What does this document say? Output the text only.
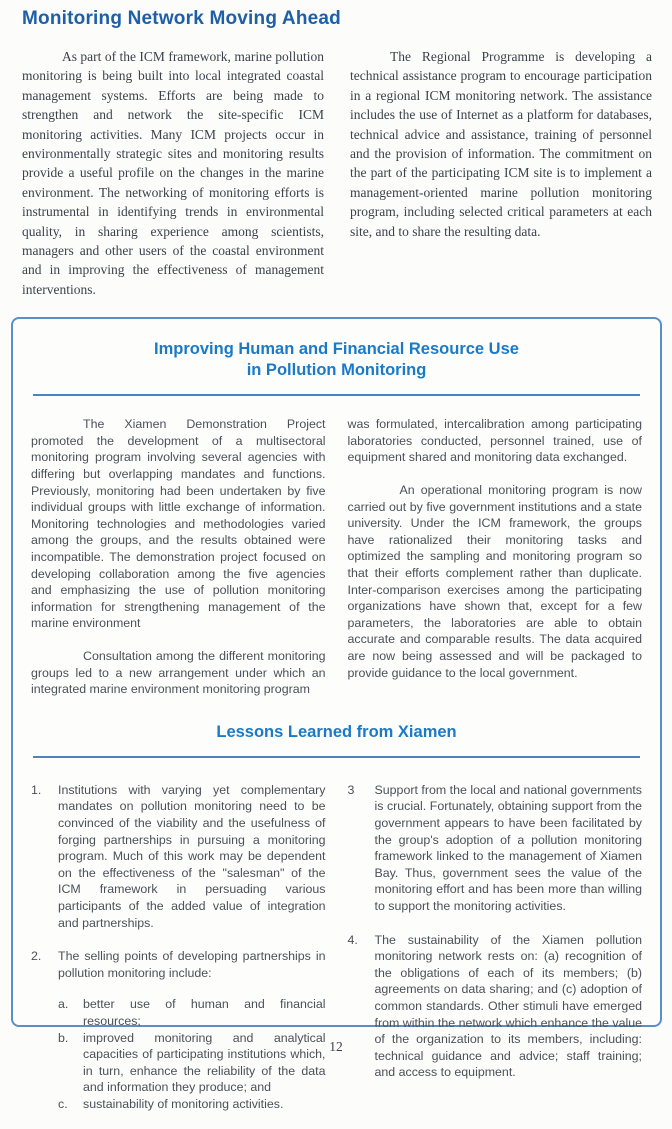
Monitoring Network Moving Ahead

As part of the ICM framework, marine pollution monitoring is being built into local integrated coastal management systems. Efforts are being made to strengthen and network the site-specific ICM monitoring activities. Many ICM projects occur in environmentally strategic sites and monitoring results provide a useful profile on the changes in the marine environment. The networking of monitoring efforts is instrumental in identifying trends in environmental quality, in sharing experience among scientists, managers and other users of the coastal environment and in improving the effectiveness of management interventions.

The Regional Programme is developing a technical assistance program to encourage participation in a regional ICM monitoring network. The assistance includes the use of Internet as a platform for databases, technical advice and assistance, training of personnel and the provision of information. The commitment on the part of the participating ICM site is to implement a management-oriented marine pollution monitoring program, including selected critical parameters at each site, and to share the resulting data.

Improving Human and Financial Resource Use
in Pollution Monitoring

The Xiamen Demonstration Project promoted the development of a multisectoral monitoring program involving several agencies with differing but overlapping mandates and functions. Previously, monitoring had been undertaken by five individual groups with little exchange of information. Monitoring technologies and methodologies varied among the groups, and the results obtained were incompatible. The demonstration project focused on developing collaboration among the five agencies and emphasizing the use of pollution monitoring information for strengthening management of the marine environment

Consultation among the different monitoring groups led to a new arrangement under which an integrated marine environment monitoring program

was formulated, intercalibration among participating laboratories conducted, personnel trained, use of equipment shared and monitoring data exchanged.

An operational monitoring program is now carried out by five government institutions and a state university. Under the ICM framework, the groups have rationalized their monitoring tasks and optimized the sampling and monitoring program so that their efforts complement rather than duplicate. Inter-comparison exercises among the participating organizations have shown that, except for a few parameters, the laboratories are able to obtain accurate and comparable results. The data acquired are now being assessed and will be packaged to provide guidance to the local government.

Lessons Learned from Xiamen
1.	Institutions with varying yet complementary mandates on pollution monitoring need to be convinced of the viability and the usefulness of forging partnerships in pursuing a monitoring program. Much of this work may be dependent on the effectiveness of the "salesman" of the ICM framework in persuading various participants of the added value of integration and partnerships.
2.	The selling points of developing partnerships in pollution monitoring include:
a.	better use of human and financial resources;
b.	improved monitoring and analytical capacities of participating institutions which, in turn, enhance the reliability of the data and information they produce; and
c.	sustainability of monitoring activities.
3	Support from the local and national governments is crucial. Fortunately, obtaining support from the government appears to have been facilitated by the group's adoption of a pollution monitoring framework linked to the management of Xiamen Bay. Thus, government sees the value of the monitoring effort and has been more than willing to support the monitoring activities.
4.	The sustainability of the Xiamen pollution monitoring network rests on: (a) recognition of the obligations of each of its members; (b) agreements on data sharing; and (c) adoption of common standards. Other stimuli have emerged from within the network which enhance the value of the organization to its members, including: technical guidance and advice; staff training; and access to equipment.
12
